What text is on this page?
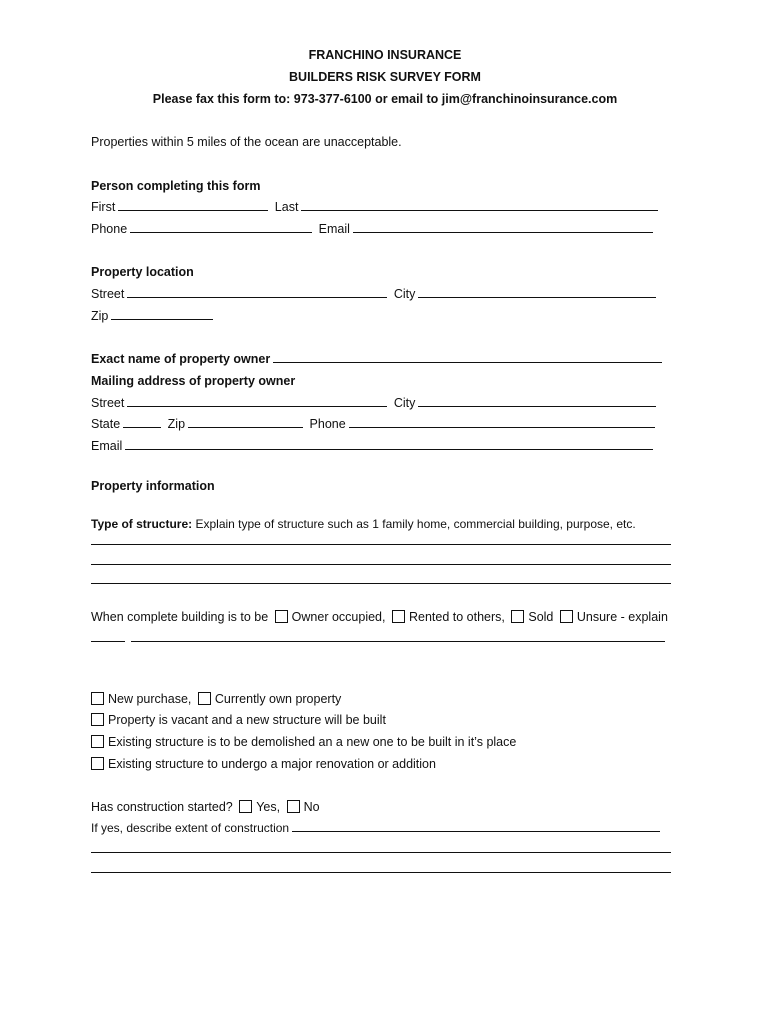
FRANCHINO INSURANCE
BUILDERS RISK SURVEY FORM
Please fax this form to: 973-377-6100 or email to jim@franchinoinsurance.com
Properties within 5 miles of the ocean are unacceptable.
Person completing this form
First	Last
Phone	Email
Property location
Street	City
Zip
Exact name of property owner
Mailing address of property owner
Street	City
State	Zip	Phone
Email
Property information
Type of structure: Explain type of structure such as 1 family home, commercial building, purpose, etc.
When complete building is to be Owner occupied, Rented to others, Sold Unsure - explain
New purchase, Currently own property
Property is vacant and a new structure will be built
Existing structure is to be demolished an a new one to be built in it’s place
Existing structure to undergo a major renovation or addition
Has construction started? Yes, No
If yes, describe extent of construction
